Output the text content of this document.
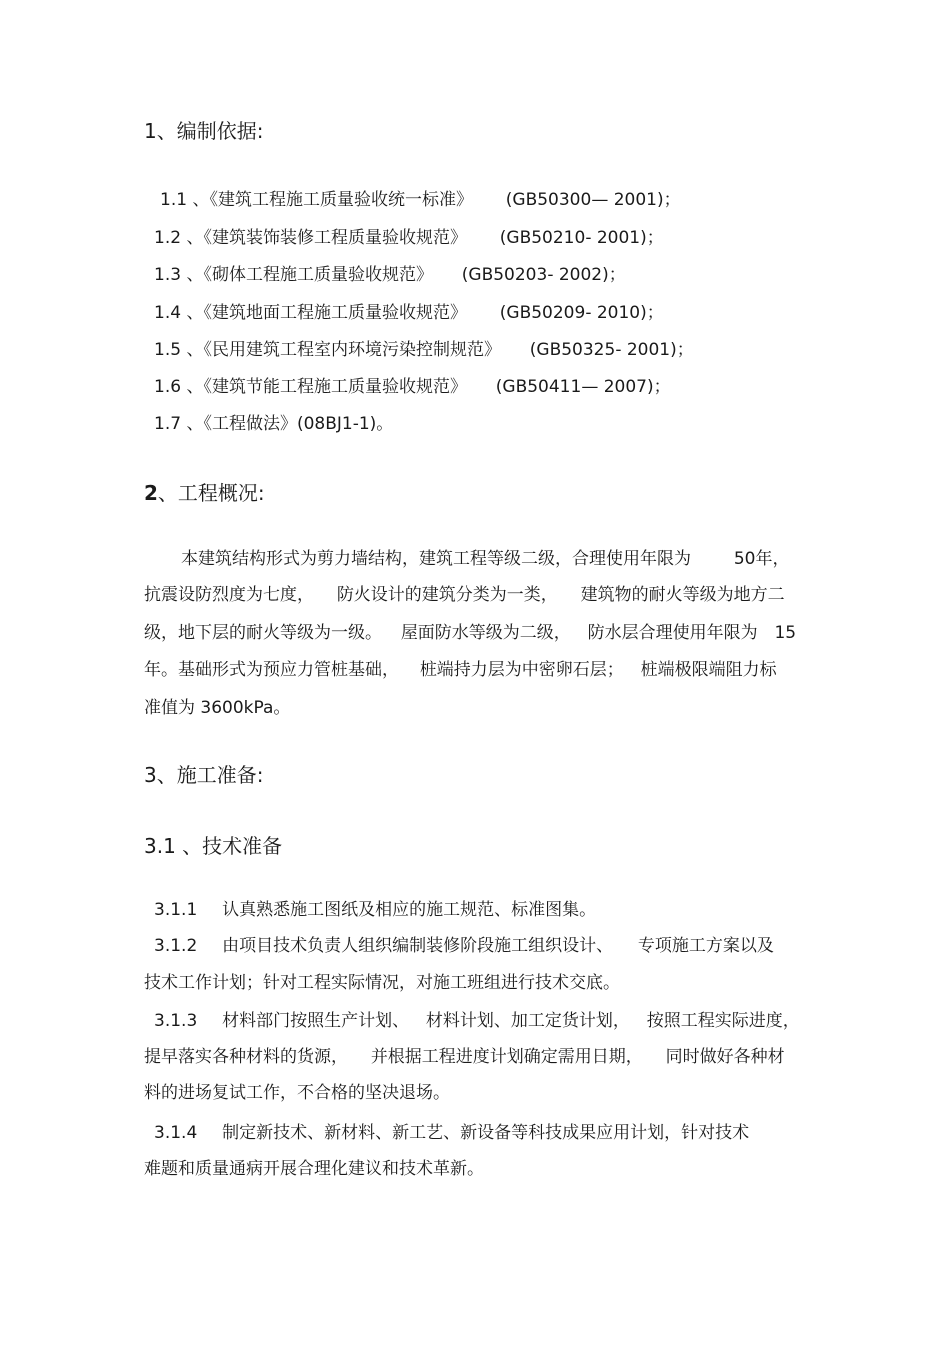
1、编制依据:
1.1 、《建筑工程施工质量验收统一标准》 (GB50300— 2001)；
1.2 、《建筑装饰装修工程质量验收规范》 (GB50210- 2001)；
1.3 、《砌体工程施工质量验收规范》 (GB50203- 2002)；
1.4 、《建筑地面工程施工质量验收规范》 (GB50209- 2010)；
1.5 、《民用建筑工程室内环境污染控制规范》 (GB50325- 2001)；
1.6 、《建筑节能工程施工质量验收规范》 (GB50411— 2007)；
1.7 、《工程做法》(08BJ1-1)。
2、工程概况:
本建筑结构形式为剪力墙结构，建筑工程等级二级，合理使用年限为	50年，
抗震设防烈度为七度， 防火设计的建筑分类为一类， 建筑物的耐火等级为地方二
级，地下层的耐火等级为一级。 屋面防水等级为二级， 防水层合理使用年限为 15
年。基础形式为预应力管桩基础， 桩端持力层为中密卵石层； 桩端极限端阻力标
准值为 3600kPa。
3、施工准备:
3.1 、技术准备
3.1.1 认真熟悉施工图纸及相应的施工规范、标准图集。
3.1.2 由项目技术负责人组织编制装修阶段施工组织设计、 专项施工方案以及
技术工作计划；针对工程实际情况，对施工班组进行技术交底。
3.1.3 材料部门按照生产计划、 材料计划、加工定货计划， 按照工程实际进度，
提早落实各种材料的货源， 并根据工程进度计划确定需用日期， 同时做好各种材
料的进场复试工作，不合格的坚决退场。
3.1.4 制定新技术、新材料、新工艺、新设备等科技成果应用计划，针对技术
难题和质量通病开展合理化建议和技术革新。
